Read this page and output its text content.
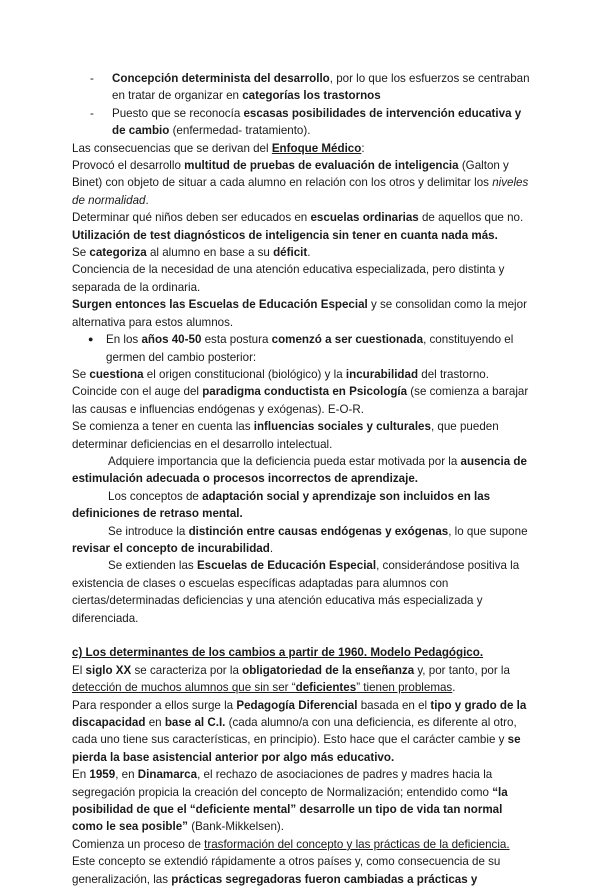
-	Concepción determinista del desarrollo, por lo que los esfuerzos se centraban en tratar de organizar en categorías los trastornos

-	Puesto que se reconocía escasas posibilidades de intervención educativa y de cambio (enfermedad- tratamiento).

Las consecuencias que se derivan del Enfoque Médico:

Provocó el desarrollo multitud de pruebas de evaluación de inteligencia (Galton y Binet) con objeto de situar a cada alumno en relación con los otros y delimitar los niveles de normalidad.

Determinar qué niños deben ser educados en escuelas ordinarias de aquellos que no. Utilización de test diagnósticos de inteligencia sin tener en cuanta nada más.

Se categoriza al alumno en base a su déficit.

Conciencia de la necesidad de una atención educativa especializada, pero distinta y separada de la ordinaria.

Surgen entonces las Escuelas de Educación Especial y se consolidan como la mejor alternativa para estos alumnos.

●	En los años 40-50 esta postura comenzó a ser cuestionada, constituyendo el germen del cambio posterior:

Se cuestiona el origen constitucional (biológico) y la incurabilidad del trastorno.

Coincide con el auge del paradigma conductista en Psicología (se comienza a barajar las causas e influencias endógenas y exógenas). E-O-R.

Se comienza a tener en cuenta las influencias sociales y culturales, que pueden determinar deficiencias en el desarrollo intelectual.

Adquiere importancia que la deficiencia pueda estar motivada por la ausencia de estimulación adecuada o procesos incorrectos de aprendizaje.

Los conceptos de adaptación social y aprendizaje son incluidos en las definiciones de retraso mental.

Se introduce la distinción entre causas endógenas y exógenas, lo que supone revisar el concepto de incurabilidad.

Se extienden las Escuelas de Educación Especial, considerándose positiva la existencia de clases o escuelas específicas adaptadas para alumnos con ciertas/determinadas deficiencias y una atención educativa más especializada y diferenciada.

c) Los determinantes de los cambios a partir de 1960. Modelo Pedagógico.

El siglo XX se caracteriza por la obligatoriedad de la enseñanza y, por tanto, por la detección de muchos alumnos que sin ser “deficientes” tienen problemas.

Para responder a ellos surge la Pedagogía Diferencial basada en el tipo y grado de la discapacidad en base al C.I. (cada alumno/a con una deficiencia, es diferente al otro, cada uno tiene sus características, en principio). Esto hace que el carácter cambie y se pierda la base asistencial anterior por algo más educativo.

En 1959, en Dinamarca, el rechazo de asociaciones de padres y madres hacia la segregación propicia la creación del concepto de Normalización; entendido como “la posibilidad de que el “deficiente mental” desarrolle un tipo de vida tan normal como le sea posible” (Bank-Mikkelsen).

Comienza un proceso de trasformación del concepto y las prácticas de la deficiencia.

Este concepto se extendió rápidamente a otros países y, como consecuencia de su generalización, las prácticas segregadoras fueron cambiadas a prácticas y
